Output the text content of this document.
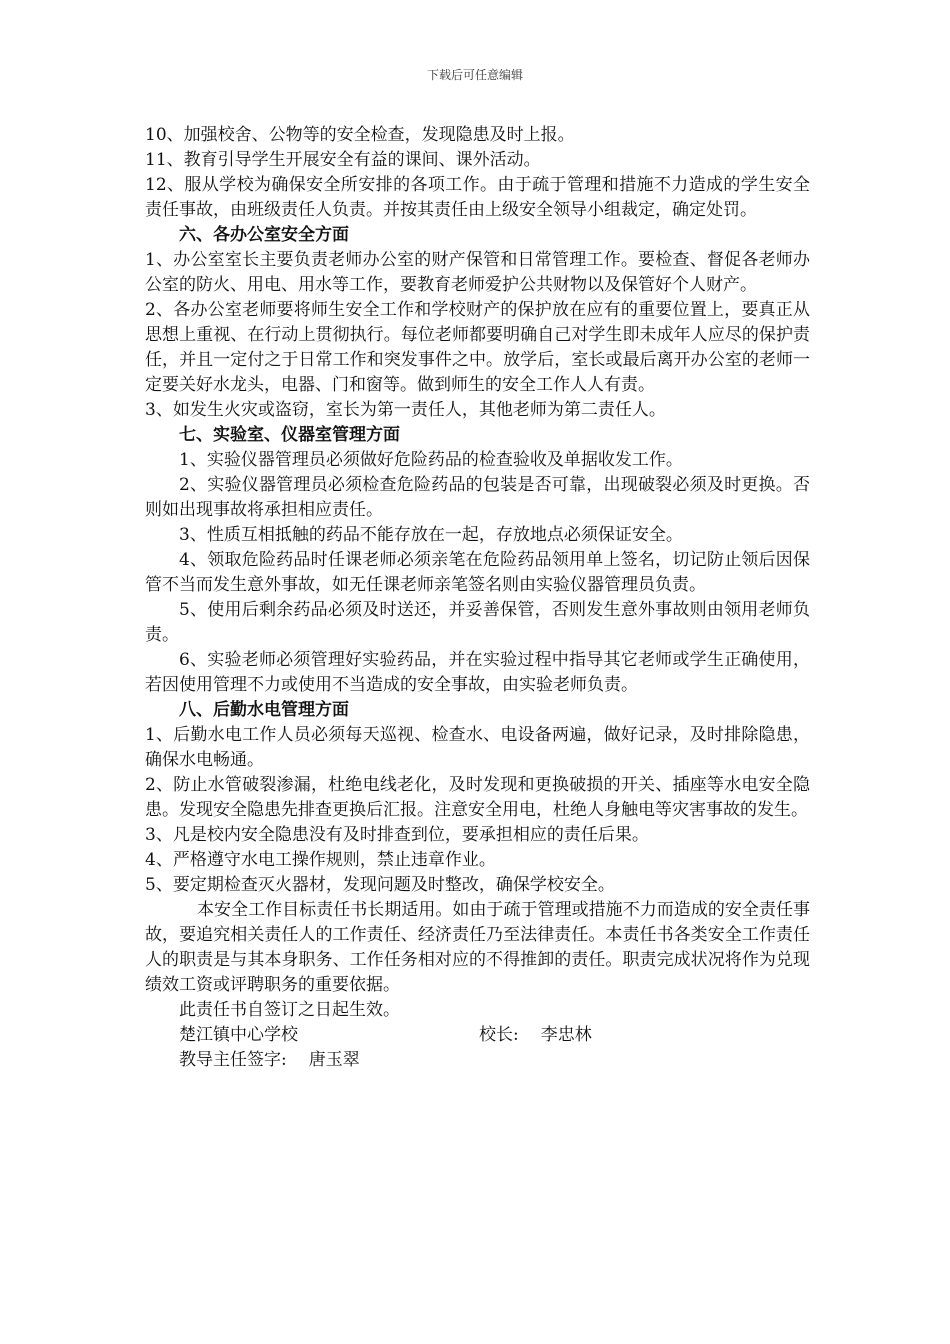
下载后可任意编辑

10、加强校舍、公物等的安全检查，发现隐患及时上报。

11、教育引导学生开展安全有益的课间、课外活动。

12、服从学校为确保安全所安排的各项工作。由于疏于管理和措施不力造成的学生安全责任事故，由班级责任人负责。并按其责任由上级安全领导小组裁定，确定处罚。

六、各办公室安全方面

1、办公室室长主要负责老师办公室的财产保管和日常管理工作。要检查、督促各老师办公室的防火、用电、用水等工作，要教育老师爱护公共财物以及保管好个人财产。

2、各办公室老师要将师生安全工作和学校财产的保护放在应有的重要位置上，要真正从思想上重视、在行动上贯彻执行。每位老师都要明确自己对学生即未成年人应尽的保护责任，并且一定付之于日常工作和突发事件之中。放学后，室长或最后离开办公室的老师一定要关好水龙头，电器、门和窗等。做到师生的安全工作人人有责。

3、如发生火灾或盗窃，室长为第一责任人，其他老师为第二责任人。

七、实验室、仪器室管理方面

1、实验仪器管理员必须做好危险药品的检查验收及单据收发工作。

2、实验仪器管理员必须检查危险药品的包装是否可靠，出现破裂必须及时更换。否则如出现事故将承担相应责任。

3、性质互相抵触的药品不能存放在一起，存放地点必须保证安全。

4、领取危险药品时任课老师必须亲笔在危险药品领用单上签名，切记防止领后因保管不当而发生意外事故，如无任课老师亲笔签名则由实验仪器管理员负责。

5、使用后剩余药品必须及时送还，并妥善保管，否则发生意外事故则由领用老师负责。

6、实验老师必须管理好实验药品，并在实验过程中指导其它老师或学生正确使用，若因使用管理不力或使用不当造成的安全事故，由实验老师负责。

八、后勤水电管理方面

1、后勤水电工作人员必须每天巡视、检查水、电设备两遍，做好记录，及时排除隐患，确保水电畅通。

2、防止水管破裂渗漏，杜绝电线老化，及时发现和更换破损的开关、插座等水电安全隐患。发现安全隐患先排查更换后汇报。注意安全用电，杜绝人身触电等灾害事故的发生。

3、凡是校内安全隐患没有及时排查到位，要承担相应的责任后果。

4、严格遵守水电工操作规则，禁止违章作业。

5、要定期检查灭火器材，发现问题及时整改，确保学校安全。

本安全工作目标责任书长期适用。如由于疏于管理或措施不力而造成的安全责任事故，要追究相关责任人的工作责任、经济责任乃至法律责任。本责任书各类安全工作责任人的职责是与其本身职务、工作任务相对应的不得推卸的责任。职责完成状况将作为兑现绩效工资或评聘职务的重要依据。

此责任书自签订之日起生效。

楚江镇中心学校	校长: 李忠林
教导主任签字: 唐玉翠
